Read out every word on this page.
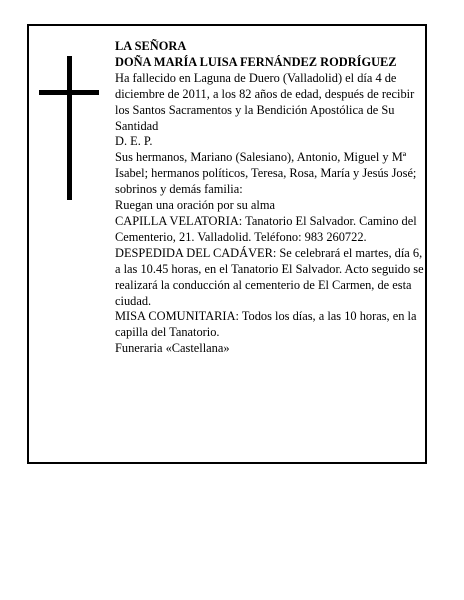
LA SEÑORA

DOÑA MARÍA LUISA FERNÁNDEZ RODRÍGUEZ

Ha fallecido en Laguna de Duero (Valladolid) el día 4 de diciembre de 2011, a los 82 años de edad, después de recibir los Santos Sacramentos y la Bendición Apostólica de Su Santidad

D. E. P.

Sus hermanos, Mariano (Salesiano), Antonio, Miguel y Mª Isabel; hermanos políticos, Teresa, Rosa, María y Jesús José; sobrinos y demás familia:

Ruegan una oración por su alma

CAPILLA VELATORIA: Tanatorio El Salvador. Camino del Cementerio, 21. Valladolid. Teléfono: 983 260722.

DESPEDIDA DEL CADÁVER: Se celebrará el martes, día 6, a las 10.45 horas, en el Tanatorio El Salvador. Acto seguido se realizará la conducción al cementerio de El Carmen, de esta ciudad.

MISA COMUNITARIA: Todos los días, a las 10 horas, en la capilla del Tanatorio.

Funeraria «Castellana»
